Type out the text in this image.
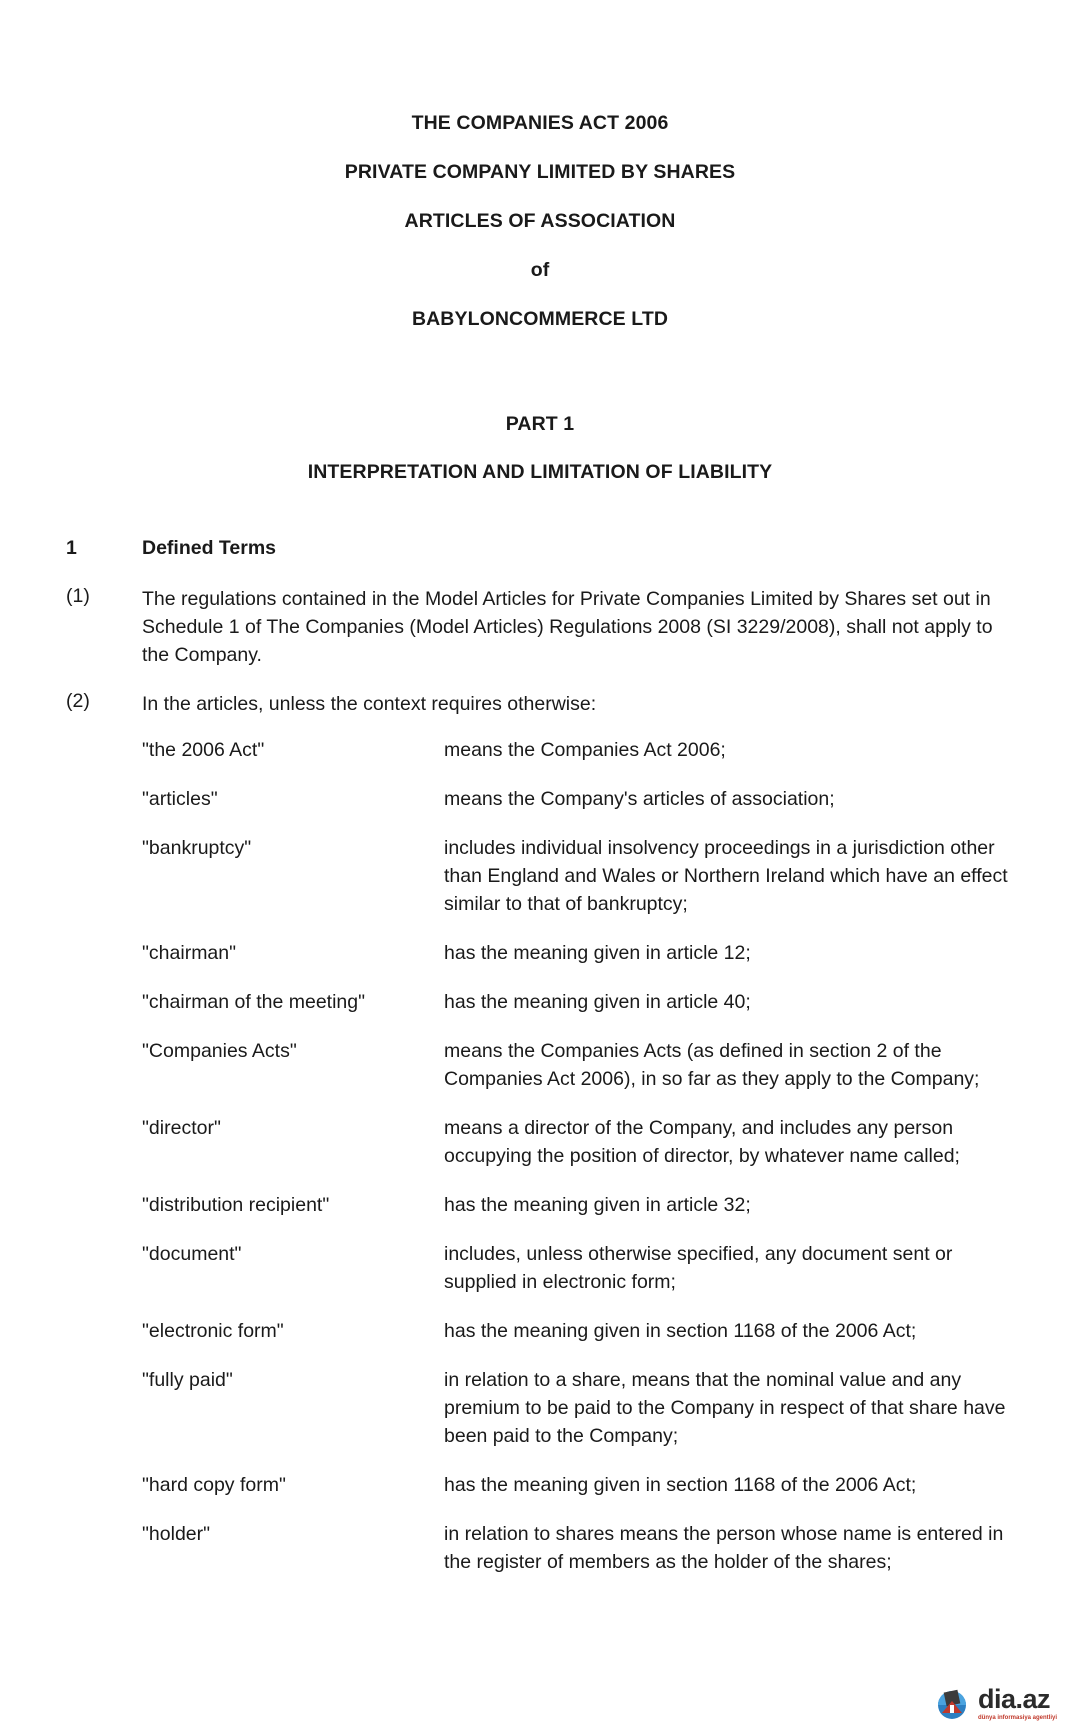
THE COMPANIES ACT 2006
PRIVATE COMPANY LIMITED BY SHARES
ARTICLES OF ASSOCIATION
of
BABYLONCOMMERCE LTD
PART 1
INTERPRETATION AND LIMITATION OF LIABILITY
1	Defined Terms
(1)	The regulations contained in the Model Articles for Private Companies Limited by Shares set out in Schedule 1 of The Companies (Model Articles) Regulations 2008 (SI 3229/2008), shall not apply to the Company.
(2)	In the articles, unless the context requires otherwise:
"the 2006 Act"	means the Companies Act 2006;
"articles"	means the Company's articles of association;
"bankruptcy"	includes individual insolvency proceedings in a jurisdiction other than England and Wales or Northern Ireland which have an effect similar to that of bankruptcy;
"chairman"	has the meaning given in article 12;
"chairman of the meeting"	has the meaning given in article 40;
"Companies Acts"	means the Companies Acts (as defined in section 2 of the Companies Act 2006), in so far as they apply to the Company;
"director"	means a director of the Company, and includes any person occupying the position of director, by whatever name called;
"distribution recipient"	has the meaning given in article 32;
"document"	includes, unless otherwise specified, any document sent or supplied in electronic form;
"electronic form"	has the meaning given in section 1168 of the 2006 Act;
"fully paid"	in relation to a share, means that the nominal value and any premium to be paid to the Company in respect of that share have been paid to the Company;
"hard copy form"	has the meaning given in section 1168 of the 2006 Act;
"holder"	in relation to shares means the person whose name is entered in the register of members as the holder of the shares;
dia.az
dünya informasiya agentliyi
